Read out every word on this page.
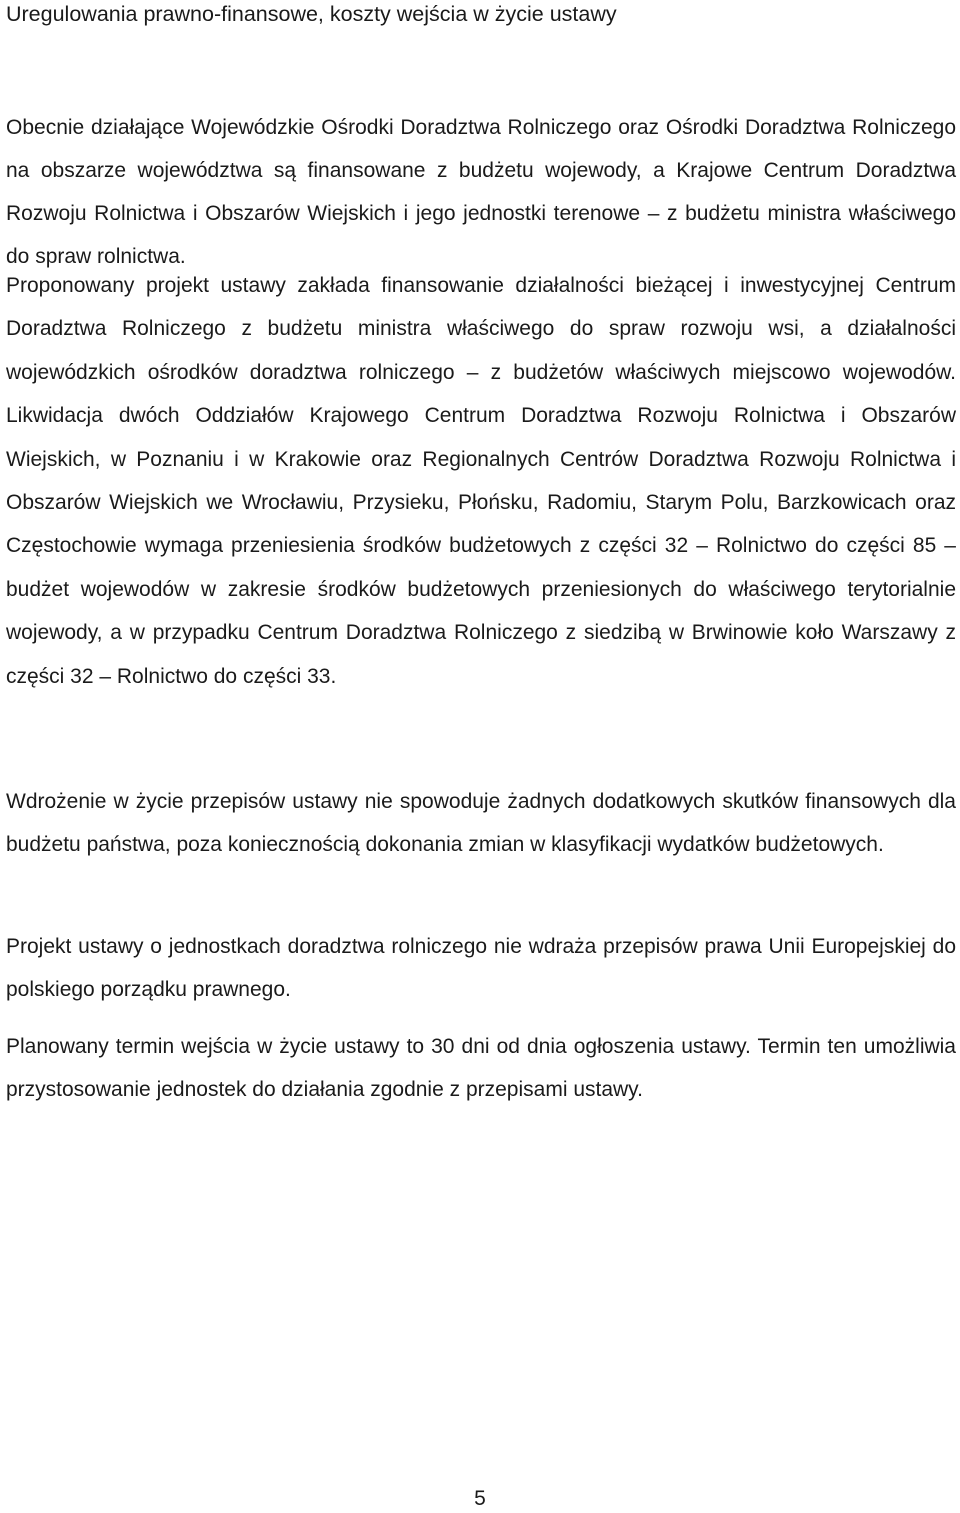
Uregulowania prawno-finansowe, koszty wejścia w życie ustawy

Obecnie działające Wojewódzkie Ośrodki Doradztwa Rolniczego oraz Ośrodki Doradztwa Rolniczego na obszarze województwa są finansowane z budżetu wojewody, a Krajowe Centrum Doradztwa Rozwoju Rolnictwa i Obszarów Wiejskich i jego jednostki terenowe – z budżetu ministra właściwego do spraw rolnictwa.

Proponowany projekt ustawy zakłada finansowanie działalności bieżącej i inwestycyjnej Centrum Doradztwa Rolniczego z budżetu ministra właściwego do spraw rozwoju wsi, a działalności wojewódzkich ośrodków doradztwa rolniczego – z budżetów właściwych miejscowo wojewodów. Likwidacja dwóch Oddziałów Krajowego Centrum Doradztwa Rozwoju Rolnictwa i Obszarów Wiejskich, w Poznaniu i w Krakowie oraz Regionalnych Centrów Doradztwa Rozwoju Rolnictwa i Obszarów Wiejskich we Wrocławiu, Przysieku, Płońsku, Radomiu, Starym Polu, Barzkowicach oraz Częstochowie wymaga przeniesienia środków budżetowych z części 32 – Rolnictwo do części 85 – budżet wojewodów w zakresie środków budżetowych przeniesionych do właściwego terytorialnie wojewody, a w przypadku Centrum Doradztwa Rolniczego z siedzibą w Brwinowie koło Warszawy z części 32 – Rolnictwo do części 33.

Wdrożenie w życie przepisów ustawy nie spowoduje żadnych dodatkowych skutków finansowych dla budżetu państwa, poza koniecznością dokonania zmian w klasyfikacji wydatków budżetowych.

Projekt ustawy o jednostkach doradztwa rolniczego nie wdraża przepisów prawa Unii Europejskiej do polskiego porządku prawnego.

Planowany termin wejścia w życie ustawy to 30 dni od dnia ogłoszenia ustawy. Termin ten umożliwia przystosowanie jednostek do działania zgodnie z przepisami ustawy.

5
